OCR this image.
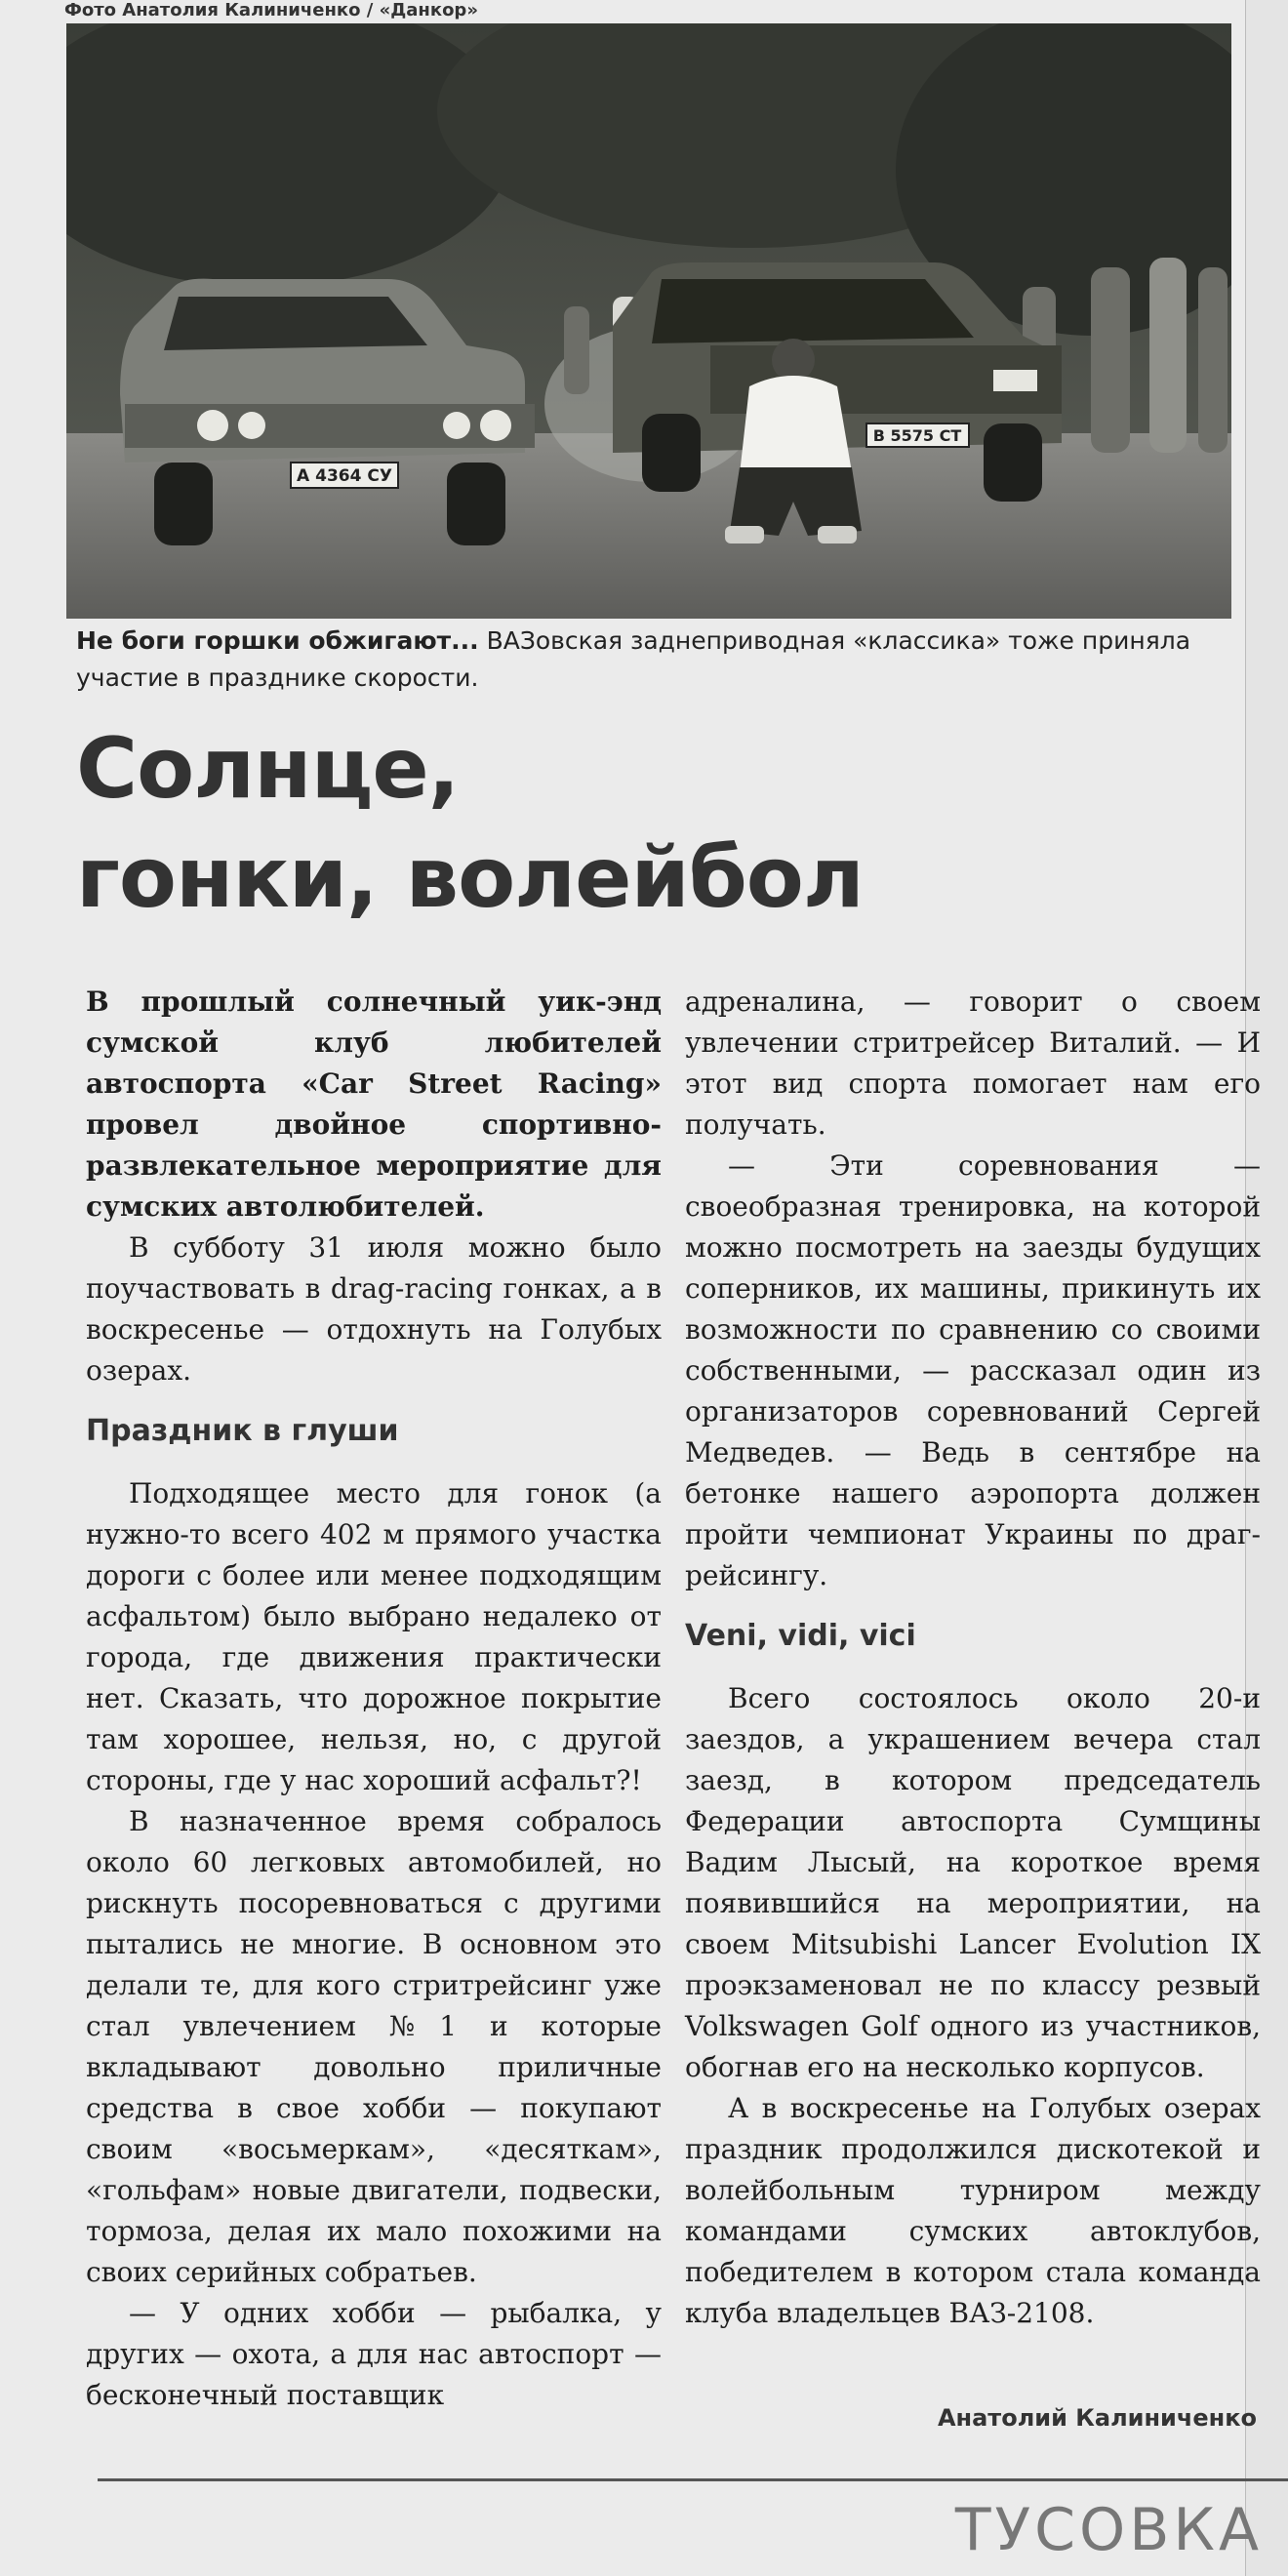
Фото Анатолия Калиниченко / «Данкор»
А 4364 СУ
В 5575 СТ
Не боги горшки обжигают... ВАЗовская заднеприводная «классика» тоже приняла участие в празднике скорости.
Солнце,
гонки, волейбол

В прошлый солнечный уик-энд сумской клуб любителей автоспорта «Car Street Racing» провел двойное спортивно-развлекательное мероприятие для сумских автолюбителей.

В субботу 31 июля можно было поучаствовать в drag-racing гонках, а в воскресенье — отдохнуть на Голубых озерах.

Праздник в глуши

Подходящее место для гонок (а нужно-то всего 402 м прямого участка дороги с более или менее подходящим асфальтом) было выбрано недалеко от города, где движения практически нет. Сказать, что дорожное покрытие там хорошее, нельзя, но, с другой стороны, где у нас хороший асфальт?!

В назначенное время собралось около 60 легковых автомобилей, но рискнуть посоревноваться с другими пытались не многие. В основном это делали те, для кого стритрейсинг уже стал увлечением №1 и которые вкладывают довольно приличные средства в свое хобби — покупают своим «восьмеркам», «десяткам», «гольфам» новые двигатели, подвески, тормоза, делая их мало похожими на своих серийных собратьев.

— У одних хобби — рыбалка, у других — охота, а для нас автоспорт — бесконечный поставщик

адреналина, — говорит о своем увлечении стритрейсер Виталий. — И этот вид спорта помогает нам его получать.

— Эти соревнования — своеобразная тренировка, на которой можно посмотреть на заезды будущих соперников, их машины, прикинуть их возможности по сравнению со своими собственными, — рассказал один из организаторов соревнований Сергей Медведев. — Ведь в сентябре на бетонке нашего аэропорта должен пройти чемпионат Украины по драг-рейсингу.

Veni, vidi, vici

Всего состоялось около 20-и заездов, а украшением вечера стал заезд, в котором председатель Федерации автоспорта Сумщины Вадим Лысый, на короткое время появившийся на мероприятии, на своем Mitsubishi Lancer Evolution IX проэкзаменовал не по классу резвый Volkswagen Golf одного из участников, обогнав его на несколько корпусов.

А в воскресенье на Голубых озерах праздник продолжился дискотекой и волейбольным турниром между командами сумских автоклубов, победителем в котором стала команда клуба владельцев ВАЗ-2108.

Анатолий Калиниченко
ТУСОВКА
